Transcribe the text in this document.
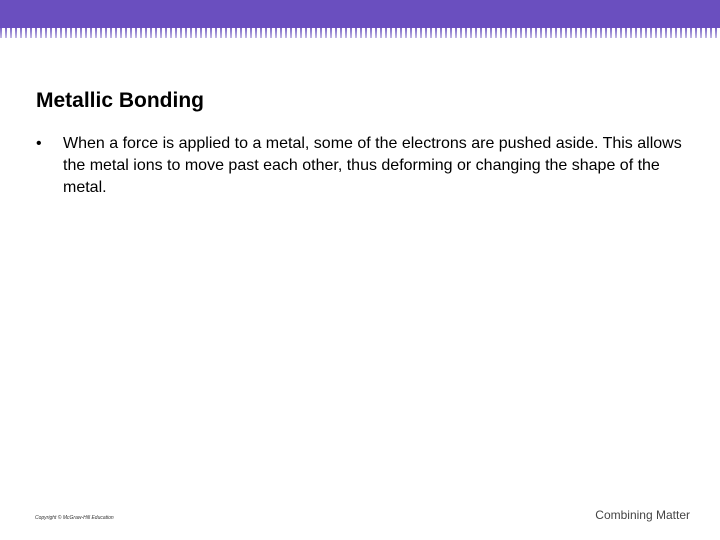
Metallic Bonding
•	When a force is applied to a metal, some of the electrons are pushed aside. This allows the metal ions to move past each other, thus deforming or changing the shape of the metal.
Copyright © McGraw-Hill Education	Combining Matter
